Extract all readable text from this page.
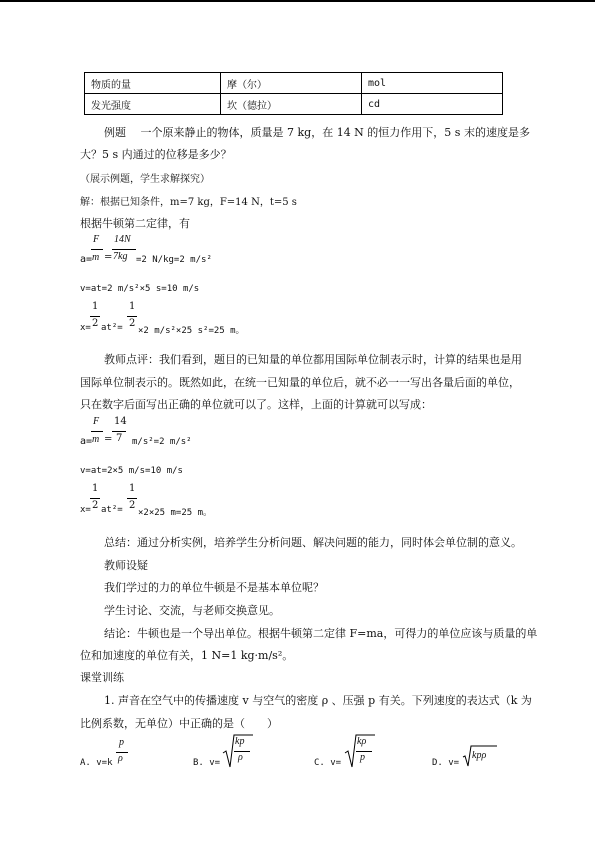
物质的量	摩（尔）	mol
发光强度	坎（德拉）	cd
例题　 一个原来静止的物体，质量是 7 kg，在 14 N 的恒力作用下，5 s 末的速度是多
大？5 s 内通过的位移是多少？
（展示例题，学生求解探究）
解：根据已知条件，m=7 kg，F=14 N，t=5 s
根据牛顿第二定律，有
F
a= m =
14N
7kg =2 N/kg=2 m/s²
v=at=2 m/s²×5 s=10 m/s
1
x= 2 at²=
1
2
×2 m/s²×25 s²=25 m。
教师点评：我们看到，题目的已知量的单位都用国际单位制表示时，计算的结果也是用
国际单位制表示的。既然如此，在统一已知量的单位后，就不必一一写出各量后面的单位，
只在数字后面写出正确的单位就可以了。这样，上面的计算就可以写成：
F
a= m =
14
7 m/s²=2 m/s²
v=at=2×5 m/s=10 m/s
1
x= 2 at²=
1
2
×2×25 m=25 m。
总结：通过分析实例，培养学生分析问题、解决问题的能力，同时体会单位制的意义。
教师设疑
我们学过的力的单位牛顿是不是基本单位呢？
学生讨论、交流，与老师交换意见。
结论：牛顿也是一个导出单位。根据牛顿第二定律 F=ma，可得力的单位应该与质量的单
位和加速度的单位有关，1 N=1 kg·m/s²。
课堂训练
1. 声音在空气中的传播速度 v 与空气的密度 ρ 、压强 p 有关。下列速度的表达式（k 为
比例系数，无单位）中正确的是（　　）
A. v=k
p
ρ	B. v=
kp
ρ	C. v=
kρ
p	D. v=
kpρ
